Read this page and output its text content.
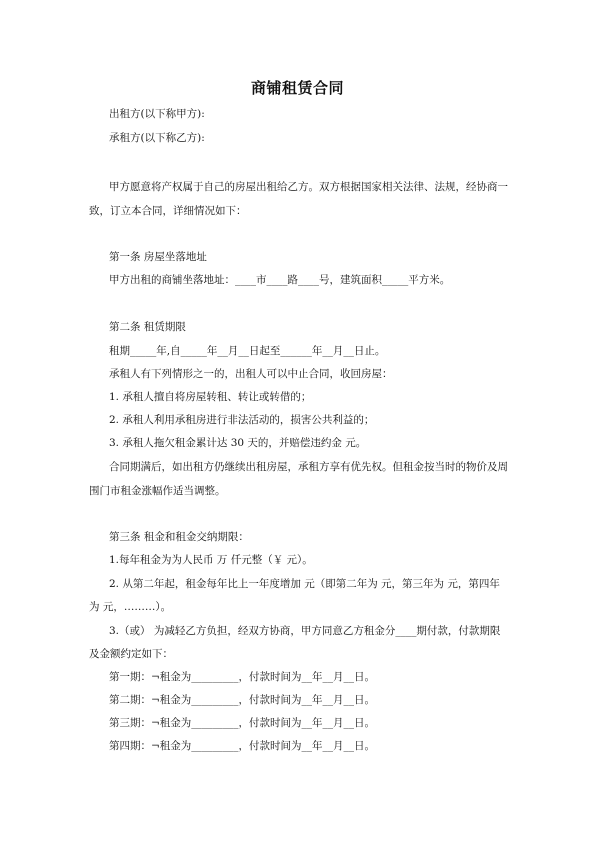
商铺租赁合同
出租方(以下称甲方):
承租方(以下称乙方):
甲方愿意将产权属于自己的房屋出租给乙方。双方根据国家相关法律、法规，经协商一
致，订立本合同，详细情况如下：
第一条 房屋坐落地址
甲方出租的商铺坐落地址：____市____路____号，建筑面积_____平方米。
第二条 租赁期限
租期_____年,自_____年__月__日起至______年__月__日止。
承租人有下列情形之一的，出租人可以中止合同，收回房屋：
1. 承租人擅自将房屋转租、转让或转借的；
2. 承租人利用承租房进行非法活动的，损害公共利益的；
3. 承租人拖欠租金累计达 30 天的，并赔偿违约金 元。
合同期满后，如出租方仍继续出租房屋，承租方享有优先权。但租金按当时的物价及周
围门市租金涨幅作适当调整。
第三条 租金和租金交纳期限：
1.每年租金为为人民币 万 仟元整（￥ 元）。
2. 从第二年起，租金每年比上一年度增加 元（即第二年为 元，第三年为 元，第四年
为 元，………）。
3.（或） 为减轻乙方负担，经双方协商，甲方同意乙方租金分____期付款，付款期限
及金额约定如下：
第一期：¬租金为_________，付款时间为__年__月__日。
第二期：¬租金为_________，付款时间为__年__月__日。
第三期：¬租金为_________，付款时间为__年__月__日。
第四期：¬租金为_________，付款时间为__年__月__日。
